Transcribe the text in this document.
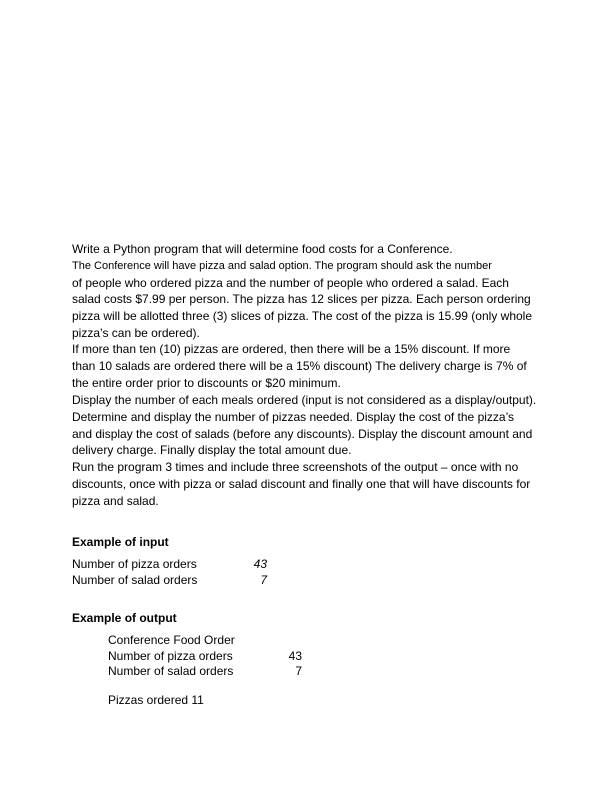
Write a Python program that will determine food costs for a Conference.
The Conference will have pizza and salad option. The program should ask the number
of people who ordered pizza and the number of people who ordered a salad. Each
salad costs $7.99 per person. The pizza has 12 slices per pizza. Each person ordering
pizza will be allotted three (3) slices of pizza. The cost of the pizza is 15.99 (only whole
pizza’s can be ordered).
If more than ten (10) pizzas are ordered, then there will be a 15% discount. If more
than 10 salads are ordered there will be a 15% discount) The delivery charge is 7% of
the entire order prior to discounts or $20 minimum.
Display the number of each meals ordered (input is not considered as a display/output).
Determine and display the number of pizzas needed. Display the cost of the pizza’s
and display the cost of salads (before any discounts). Display the discount amount and
delivery charge. Finally display the total amount due.
Run the program 3 times and include three screenshots of the output – once with no
discounts, once with pizza or salad discount and finally one that will have discounts for
pizza and salad.
Example of input
Number of pizza orders	43
Number of salad orders	7
Example of output
Conference Food Order
Number of pizza orders	43
Number of salad orders	7
Pizzas ordered 11
